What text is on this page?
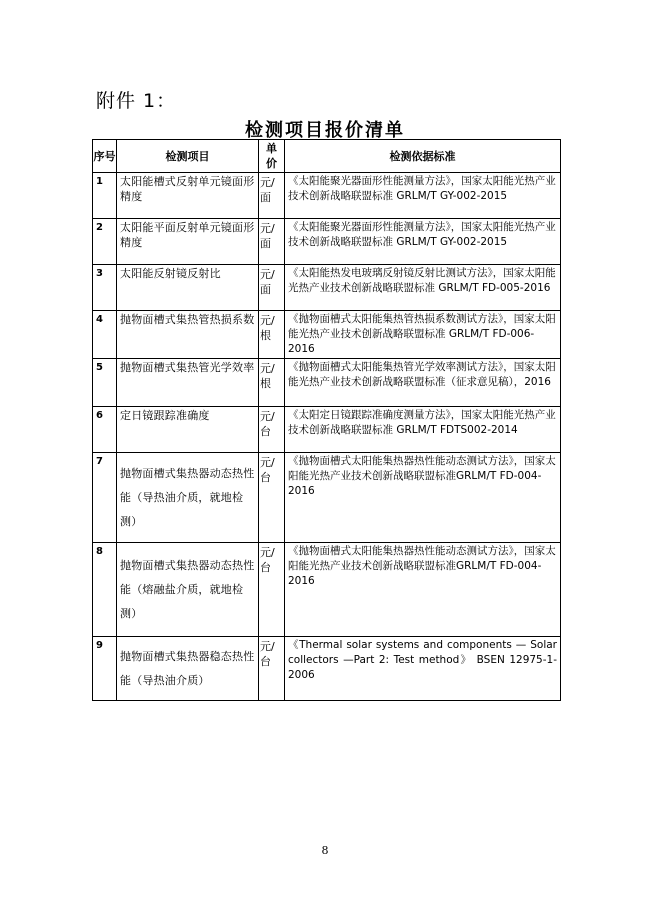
附件 1：
检测项目报价清单
序号	检测项目	单价	检测依据标准
1	太阳能槽式反射单元镜面形精度	元/面	《太阳能聚光器面形性能测量方法》，国家太阳能光热产业技术创新战略联盟标准 GRLM/T GY-002-2015
2	太阳能平面反射单元镜面形精度	元/面	《太阳能聚光器面形性能测量方法》，国家太阳能光热产业技术创新战略联盟标准 GRLM/T GY-002-2015
3	太阳能反射镜反射比	元/面	《太阳能热发电玻璃反射镜反射比测试方法》，国家太阳能光热产业技术创新战略联盟标准 GRLM/T FD-005-2016
4	抛物面槽式集热管热损系数	元/根	《抛物面槽式太阳能集热管热损系数测试方法》，国家太阳能光热产业技术创新战略联盟标准 GRLM/T FD-006-2016
5	抛物面槽式集热管光学效率	元/根	《抛物面槽式太阳能集热管光学效率测试方法》，国家太阳能光热产业技术创新战略联盟标准（征求意见稿），2016
6	定日镜跟踪准确度	元/台	《太阳定日镜跟踪准确度测量方法》，国家太阳能光热产业技术创新战略联盟标准 GRLM/T FDTS002-2014
7	抛物面槽式集热器动态热性能（导热油介质，就地检测）	元/台	《抛物面槽式太阳能集热器热性能动态测试方法》，国家太阳能光热产业技术创新战略联盟标准GRLM/T FD-004-2016
8	抛物面槽式集热器动态热性能（熔融盐介质，就地检测）	元/台	《抛物面槽式太阳能集热器热性能动态测试方法》，国家太阳能光热产业技术创新战略联盟标准GRLM/T FD-004-2016
9	抛物面槽式集热器稳态热性能（导热油介质）	元/台	《Thermal solar systems and components — Solar collectors —Part 2: Test method》 BSEN 12975-1-2006
8
